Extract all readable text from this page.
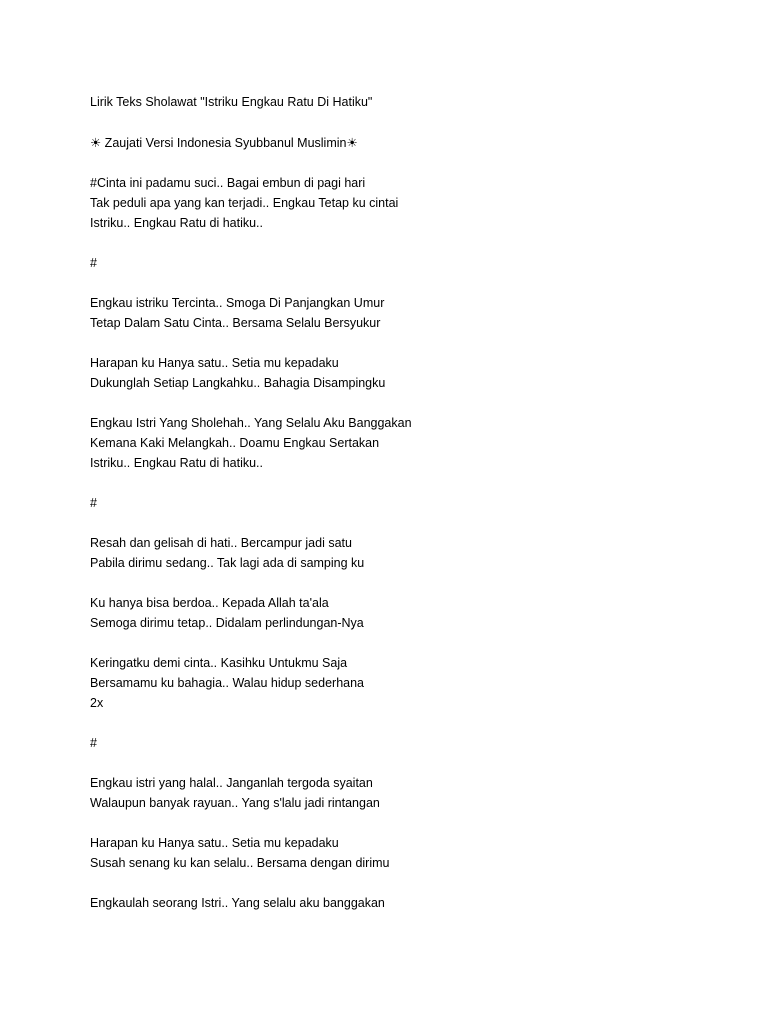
Lirik Teks Sholawat "Istriku Engkau Ratu Di Hatiku"
☀ Zaujati Versi Indonesia Syubbanul Muslimin☀
#Cinta ini padamu suci.. Bagai embun di pagi hari
Tak peduli apa yang kan terjadi.. Engkau Tetap ku cintai
Istriku.. Engkau Ratu di hatiku..
#
Engkau istriku Tercinta.. Smoga Di Panjangkan Umur
Tetap Dalam Satu Cinta.. Bersama Selalu Bersyukur
Harapan ku Hanya satu.. Setia mu kepadaku
Dukunglah Setiap Langkahku.. Bahagia Disampingku
Engkau Istri Yang Sholehah.. Yang Selalu Aku Banggakan
Kemana Kaki Melangkah.. Doamu Engkau Sertakan
Istriku.. Engkau Ratu di hatiku..
#
Resah dan gelisah di hati.. Bercampur jadi satu
Pabila dirimu sedang.. Tak lagi ada di samping ku
Ku hanya bisa berdoa.. Kepada Allah ta'ala
Semoga dirimu tetap.. Didalam perlindungan-Nya
Keringatku demi cinta.. Kasihku Untukmu Saja
Bersamamu ku bahagia.. Walau hidup sederhana
2x
#
Engkau istri yang halal.. Janganlah tergoda syaitan
Walaupun banyak rayuan.. Yang s'lalu jadi rintangan
Harapan ku Hanya satu.. Setia mu kepadaku
Susah senang ku kan selalu.. Bersama dengan dirimu
Engkaulah seorang Istri.. Yang selalu aku banggakan
